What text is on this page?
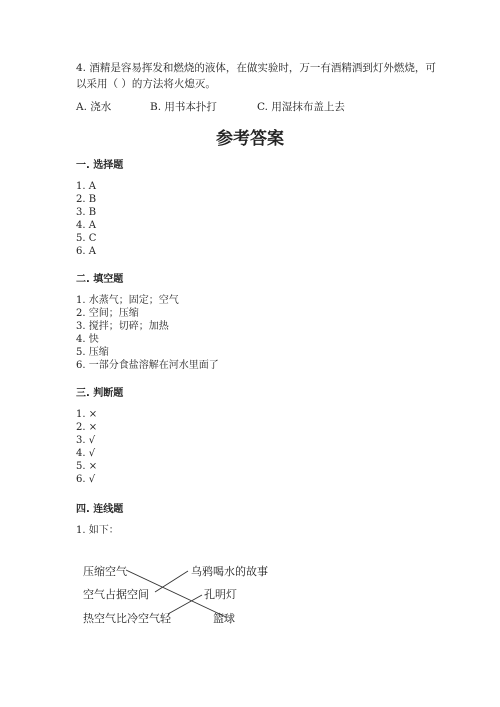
4. 酒精是容易挥发和燃烧的液体，在做实验时，万一有酒精洒到灯外燃烧，可
以采用（ ）的方法将火熄灭。
A. 浇水	B. 用书本扑打	C. 用湿抹布盖上去
参考答案
一. 选择题
1. A
2. B
3. B
4. A
5. C
6. A
二. 填空题
1. 水蒸气；固定；空气
2. 空间；压缩
3. 搅拌；切碎；加热
4. 快
5. 压缩
6. 一部分食盐溶解在河水里面了
三. 判断题
1. ×
2. ×
3. √
4. √
5. ×
6. √
四. 连线题
1. 如下：
压缩空气
空气占据空间
热空气比冷空气轻
乌鸦喝水的故事
孔明灯
篮球
